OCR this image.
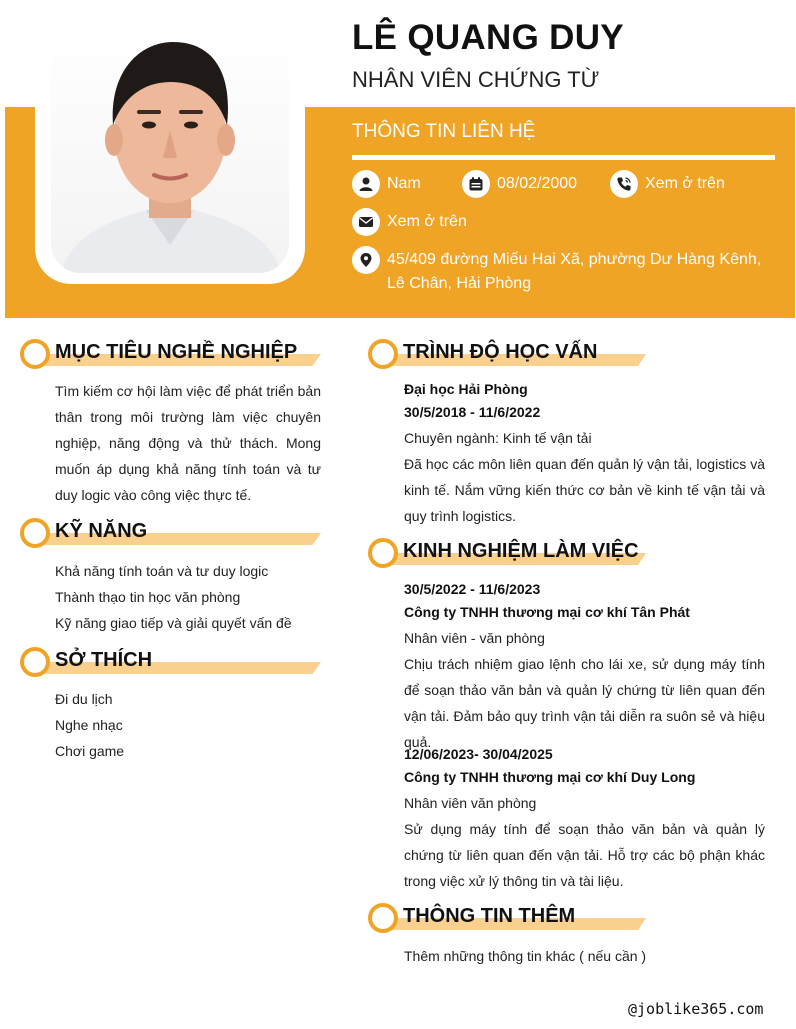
LÊ QUANG DUY
NHÂN VIÊN CHỨNG TỪ
THÔNG TIN LIÊN HỆ
Nam	08/02/2000	Xem ở trên
Xem ở trên
45/409 đường Miếu Hai Xã, phường Dư Hàng Kênh, Lê Chân, Hải Phòng
MỤC TIÊU NGHỀ NGHIỆP
Tìm kiếm cơ hội làm việc để phát triển bản thân trong môi trường làm việc chuyên nghiệp, năng động và thử thách. Mong muốn áp dụng khả năng tính toán và tư duy logic vào công việc thực tế.
KỸ NĂNG
Khả năng tính toán và tư duy logic
Thành thạo tin học văn phòng
Kỹ năng giao tiếp và giải quyết vấn đề
SỞ THÍCH
Đi du lịch
Nghe nhạc
Chơi game
TRÌNH ĐỘ HỌC VẤN
Đại học Hải Phòng
30/5/2018 - 11/6/2022
Chuyên ngành: Kinh tế vận tải
Đã học các môn liên quan đến quản lý vận tải, logistics và kinh tế. Nắm vững kiến thức cơ bản về kinh tế vận tải và quy trình logistics.
KINH NGHIỆM LÀM VIỆC
30/5/2022 - 11/6/2023
Công ty TNHH thương mại cơ khí Tân Phát
Nhân viên - văn phòng
Chịu trách nhiệm giao lệnh cho lái xe, sử dụng máy tính để soạn thảo văn bản và quản lý chứng từ liên quan đến vận tải. Đảm bảo quy trình vận tải diễn ra suôn sẻ và hiệu quả.
12/06/2023- 30/04/2025
Công ty TNHH thương mại cơ khí Duy Long
Nhân viên văn phòng
Sử dụng máy tính để soạn thảo văn bản và quản lý chứng từ liên quan đến vận tải. Hỗ trợ các bộ phận khác trong việc xử lý thông tin và tài liệu.
THÔNG TIN THÊM
Thêm những thông tin khác ( nếu cần )
@joblike365.com
